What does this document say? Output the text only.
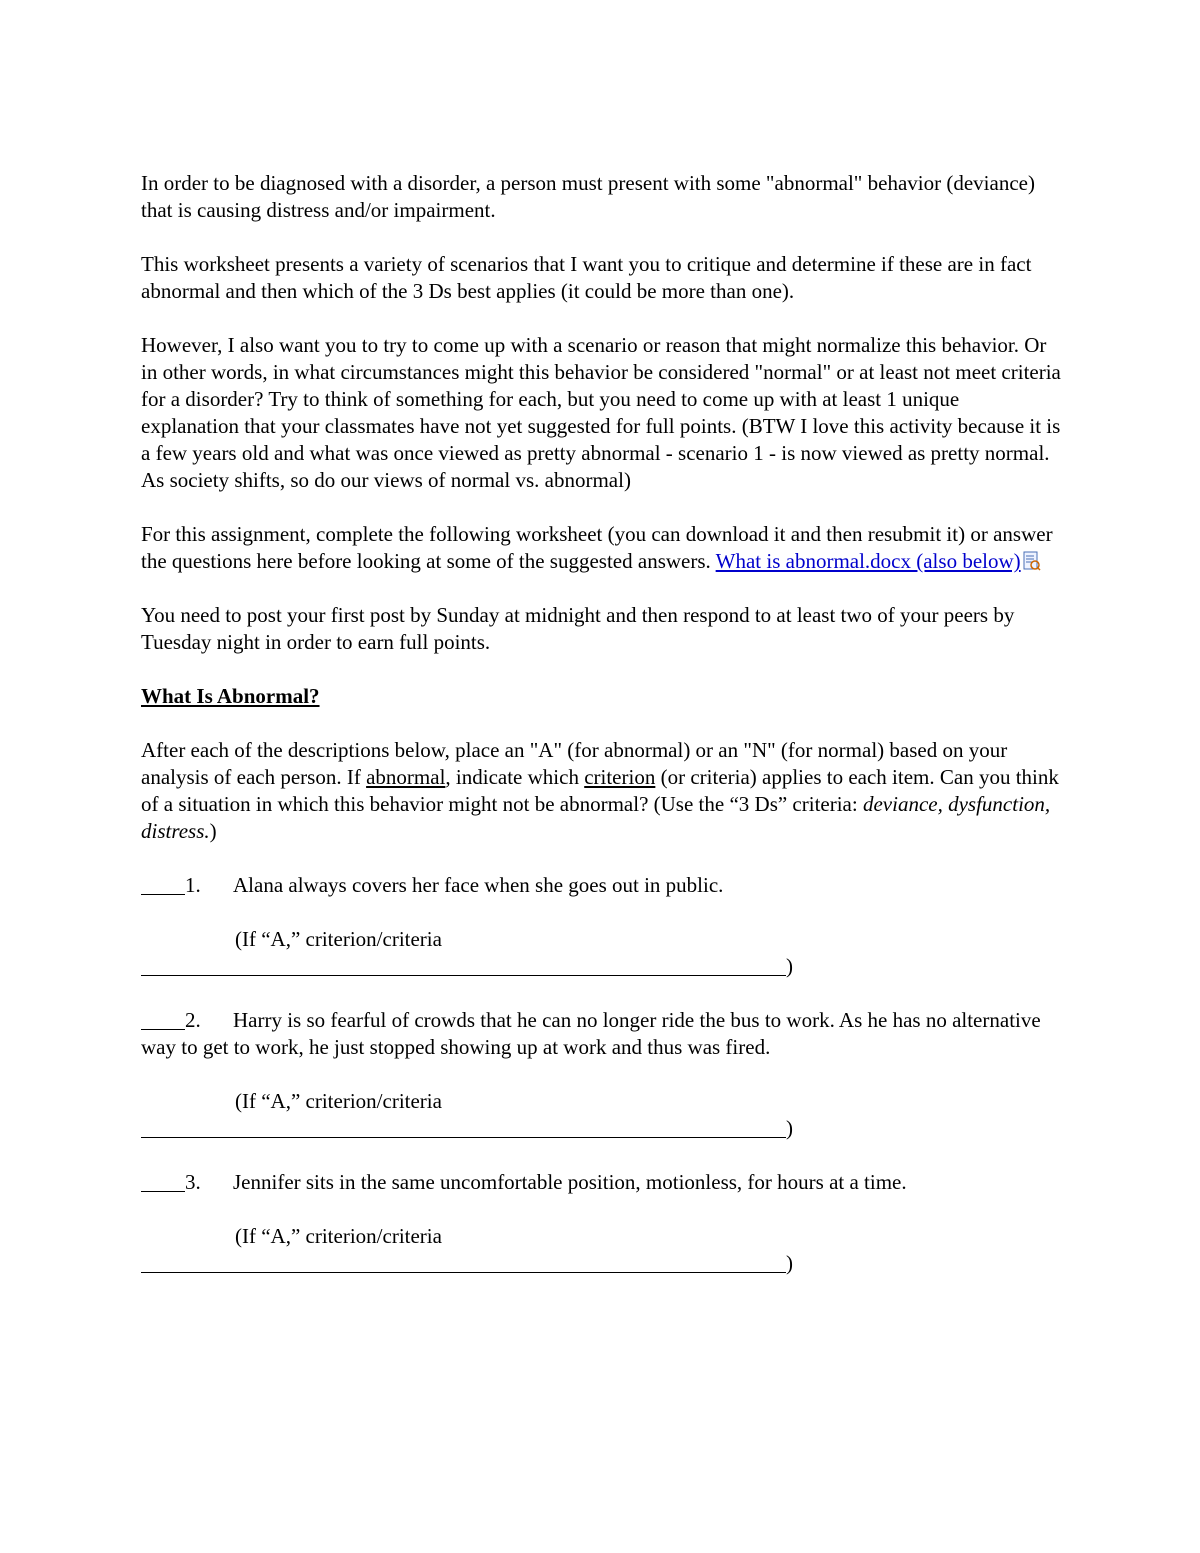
In order to be diagnosed with a disorder, a person must present with some "abnormal" behavior (deviance) that is causing distress and/or impairment.

This worksheet presents a variety of scenarios that I want you to critique and determine if these are in fact abnormal and then which of the 3 Ds best applies (it could be more than one).

However, I also want you to try to come up with a scenario or reason that might normalize this behavior. Or in other words, in what circumstances might this behavior be considered "normal" or at least not meet criteria for a disorder? Try to think of something for each, but you need to come up with at least 1 unique explanation that your classmates have not yet suggested for full points. (BTW I love this activity because it is a few years old and what was once viewed as pretty abnormal - scenario 1 - is now viewed as pretty normal. As society shifts, so do our views of normal vs. abnormal)

For this assignment, complete the following worksheet (you can download it and then resubmit it) or answer the questions here before looking at some of the suggested answers. What is abnormal.docx (also below)

You need to post your first post by Sunday at midnight and then respond to at least two of your peers by Tuesday night in order to earn full points.

What Is Abnormal?

After each of the descriptions below, place an "A" (for abnormal) or an "N" (for normal) based on your analysis of each person. If abnormal, indicate which criterion (or criteria) applies to each item. Can you think of a situation in which this behavior might not be abnormal? (Use the “3 Ds” criteria: deviance, dysfunction, distress.)

1. Alana always covers her face when she goes out in public.
(If “A,” criterion/criteria
)
2. Harry is so fearful of crowds that he can no longer ride the bus to work. As he has no alternative way to get to work, he just stopped showing up at work and thus was fired.
(If “A,” criterion/criteria
)
3. Jennifer sits in the same uncomfortable position, motionless, for hours at a time.
(If “A,” criterion/criteria
)
